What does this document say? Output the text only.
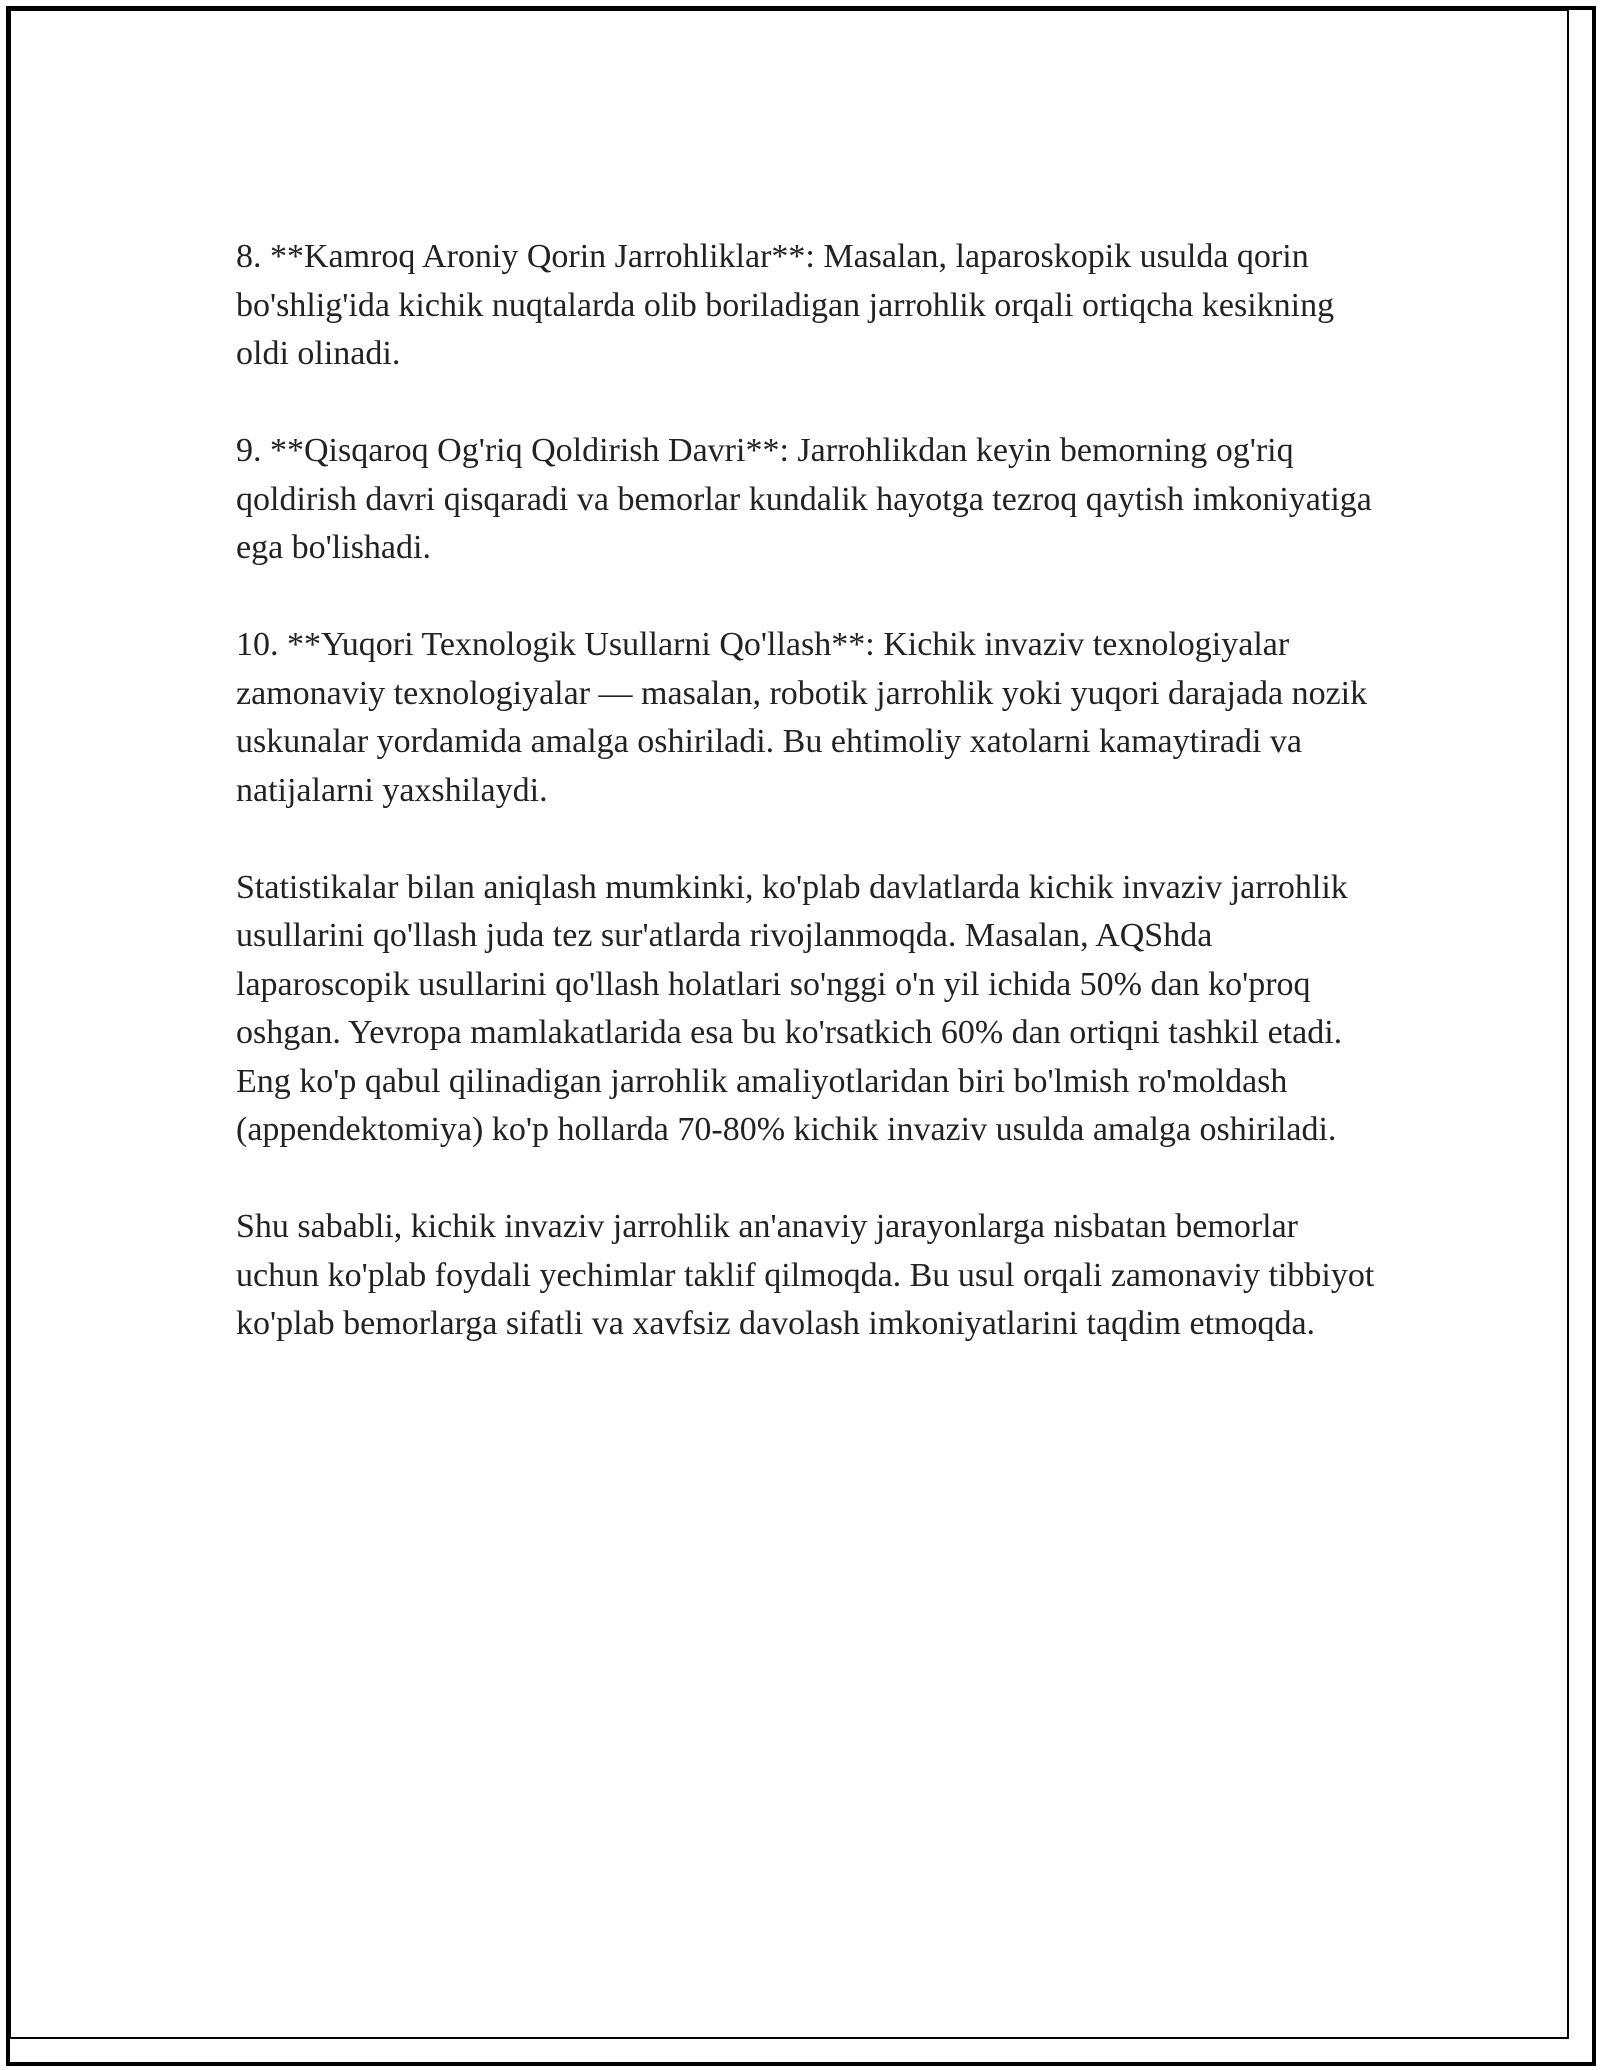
8. **Kamroq Aroniy Qorin Jarrohliklar**: Masalan, laparoskopik usulda qorin bo'shlig'ida kichik nuqtalarda olib boriladigan jarrohlik orqali ortiqcha kesikning oldi olinadi.

9. **Qisqaroq Og'riq Qoldirish Davri**: Jarrohlikdan keyin bemorning og'riq qoldirish davri qisqaradi va bemorlar kundalik hayotga tezroq qaytish imkoniyatiga ega bo'lishadi.

10. **Yuqori Texnologik Usullarni Qo'llash**: Kichik invaziv texnologiyalar zamonaviy texnologiyalar — masalan, robotik jarrohlik yoki yuqori darajada nozik uskunalar yordamida amalga oshiriladi. Bu ehtimoliy xatolarni kamaytiradi va natijalarni yaxshilaydi.

Statistikalar bilan aniqlash mumkinki, ko'plab davlatlarda kichik invaziv jarrohlik usullarini qo'llash juda tez sur'atlarda rivojlanmoqda. Masalan, AQShda laparoscopik usullarini qo'llash holatlari so'nggi o'n yil ichida 50% dan ko'proq oshgan. Yevropa mamlakatlarida esa bu ko'rsatkich 60% dan ortiqni tashkil etadi. Eng ko'p qabul qilinadigan jarrohlik amaliyotlaridan biri bo'lmish ro'moldash (appendektomiya) ko'p hollarda 70-80% kichik invaziv usulda amalga oshiriladi.

Shu sababli, kichik invaziv jarrohlik an'anaviy jarayonlarga nisbatan bemorlar uchun ko'plab foydali yechimlar taklif qilmoqda. Bu usul orqali zamonaviy tibbiyot ko'plab bemorlarga sifatli va xavfsiz davolash imkoniyatlarini taqdim etmoqda.
